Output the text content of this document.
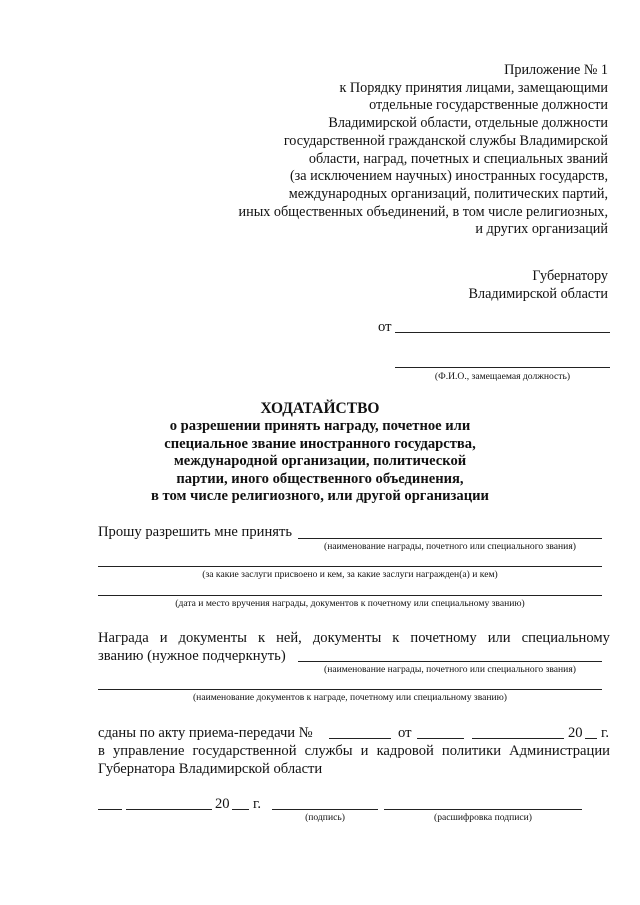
Приложение № 1
к Порядку принятия лицами, замещающими
отдельные государственные должности
Владимирской области, отдельные должности
государственной гражданской службы Владимирской
области, наград, почетных и специальных званий
(за исключением научных) иностранных государств,
международных организаций, политических партий,
иных общественных объединений, в том числе религиозных,
и других организаций
Губернатору
Владимирской области
от
(Ф.И.О., замещаемая должность)
ХОДАТАЙСТВО
о разрешении принять награду, почетное или
специальное звание иностранного государства,
международной организации, политической
партии, иного общественного объединения,
в том числе религиозного, или другой организации
Прошу разрешить мне принять
(наименование награды, почетного или специального звания)
(за какие заслуги присвоено и кем, за какие заслуги награжден(а) и кем)
(дата и место вручения награды, документов к почетному или специальному званию)
Награда и документы к ней, документы к почетному или специальному
званию (нужное подчеркнуть)
(наименование награды, почетного или специального звания)
(наименование документов к награде, почетному или специальному званию)
сданы по акту приема-передачи №	от	20 г.
в управление государственной службы и кадровой политики Администрации
Губернатора Владимирской области
20 г.
(подпись)	(расшифровка подписи)
